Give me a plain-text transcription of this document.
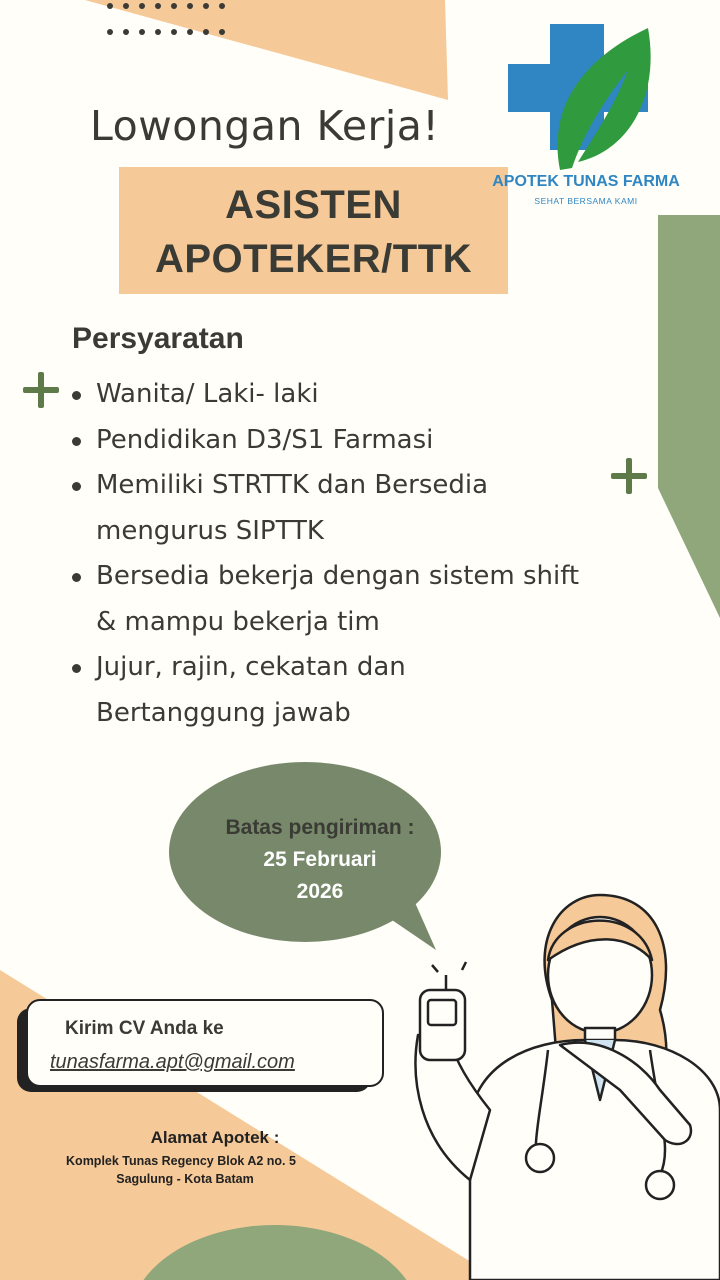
Lowongan Kerja!
ASISTEN
APOTEKER/TTK
APOTEK TUNAS FARMA
SEHAT BERSAMA KAMI
Persyaratan
Wanita/ Laki- laki
Pendidikan D3/S1 Farmasi
Memiliki STRTTK dan Bersedia
mengurus SIPTTK
Bersedia bekerja dengan sistem shift
& mampu bekerja tim
Jujur, rajin, cekatan dan
Bertanggung jawab
Batas pengiriman :
25 Februari
2026
Kirim CV Anda ke
tunasfarma.apt@gmail.com
Alamat Apotek :
Komplek Tunas Regency Blok A2 no. 5
Sagulung - Kota Batam
